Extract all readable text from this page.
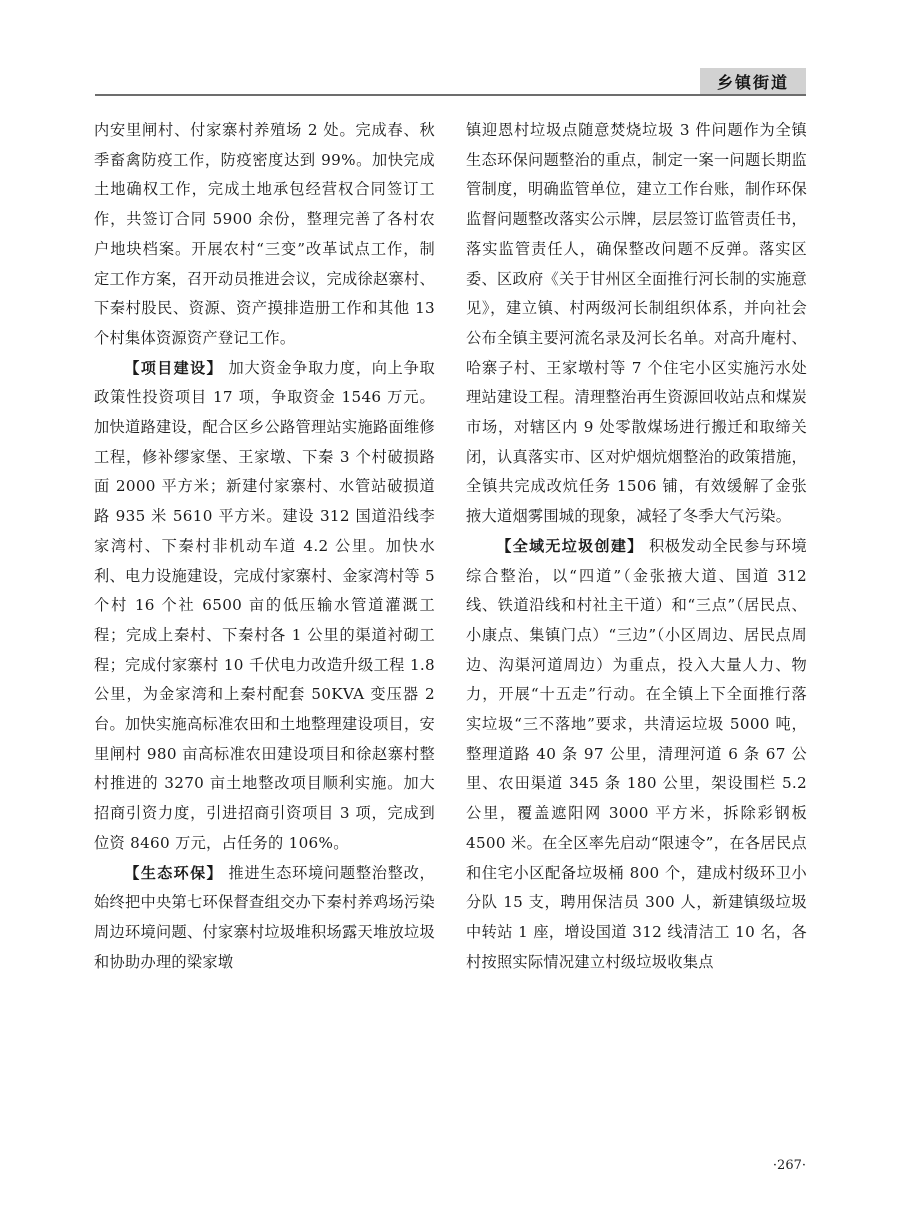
乡镇街道

内安里闸村、付家寨村养殖场 2 处。完成春、秋季畜禽防疫工作，防疫密度达到 99%。加快完成土地确权工作，完成土地承包经营权合同签订工作，共签订合同 5900 余份，整理完善了各村农户地块档案。开展农村“三变”改革试点工作，制定工作方案，召开动员推进会议，完成徐赵寨村、下秦村股民、资源、资产摸排造册工作和其他 13 个村集体资源资产登记工作。

【项目建设】 加大资金争取力度，向上争取政策性投资项目 17 项，争取资金 1546 万元。加快道路建设，配合区乡公路管理站实施路面维修工程，修补缪家堡、王家墩、下秦 3 个村破损路面 2000 平方米；新建付家寨村、水管站破损道路 935 米 5610 平方米。建设 312 国道沿线李家湾村、下秦村非机动车道 4.2 公里。加快水利、电力设施建设，完成付家寨村、金家湾村等 5 个村 16 个社 6500 亩的低压输水管道灌溉工程；完成上秦村、下秦村各 1 公里的渠道衬砌工程；完成付家寨村 10 千伏电力改造升级工程 1.8 公里，为金家湾和上秦村配套 50KVA 变压器 2 台。加快实施高标准农田和土地整理建设项目，安里闸村 980 亩高标准农田建设项目和徐赵寨村整村推进的 3270 亩土地整改项目顺利实施。加大招商引资力度，引进招商引资项目 3 项，完成到位资 8460 万元，占任务的 106%。

【生态环保】 推进生态环境问题整治整改，始终把中央第七环保督查组交办下秦村养鸡场污染周边环境问题、付家寨村垃圾堆积场露天堆放垃圾和协助办理的梁家墩

镇迎恩村垃圾点随意焚烧垃圾 3 件问题作为全镇生态环保问题整治的重点，制定一案一问题长期监管制度，明确监管单位，建立工作台账，制作环保监督问题整改落实公示牌，层层签订监管责任书，落实监管责任人，确保整改问题不反弹。落实区委、区政府《关于甘州区全面推行河长制的实施意见》，建立镇、村两级河长制组织体系，并向社会公布全镇主要河流名录及河长名单。对高升庵村、哈寨子村、王家墩村等 7 个住宅小区实施污水处理站建设工程。清理整治再生资源回收站点和煤炭市场，对辖区内 9 处零散煤场进行搬迁和取缔关闭，认真落实市、区对炉烟炕烟整治的政策措施，全镇共完成改炕任务 1506 铺，有效缓解了金张掖大道烟雾围城的现象，减轻了冬季大气污染。

【全域无垃圾创建】 积极发动全民参与环境综合整治，以“四道”（金张掖大道、国道 312 线、铁道沿线和村社主干道）和“三点”（居民点、小康点、集镇门点）“三边”（小区周边、居民点周边、沟渠河道周边）为重点，投入大量人力、物力，开展“十五走”行动。在全镇上下全面推行落实垃圾“三不落地”要求，共清运垃圾 5000 吨，整理道路 40 条 97 公里，清理河道 6 条 67 公里、农田渠道 345 条 180 公里，架设围栏 5.2 公里，覆盖遮阳网 3000 平方米，拆除彩钢板 4500 米。在全区率先启动“限速令”，在各居民点和住宅小区配备垃圾桶 800 个，建成村级环卫小分队 15 支，聘用保洁员 300 人，新建镇级垃圾中转站 1 座，增设国道 312 线清洁工 10 名，各村按照实际情况建立村级垃圾收集点

·267·
